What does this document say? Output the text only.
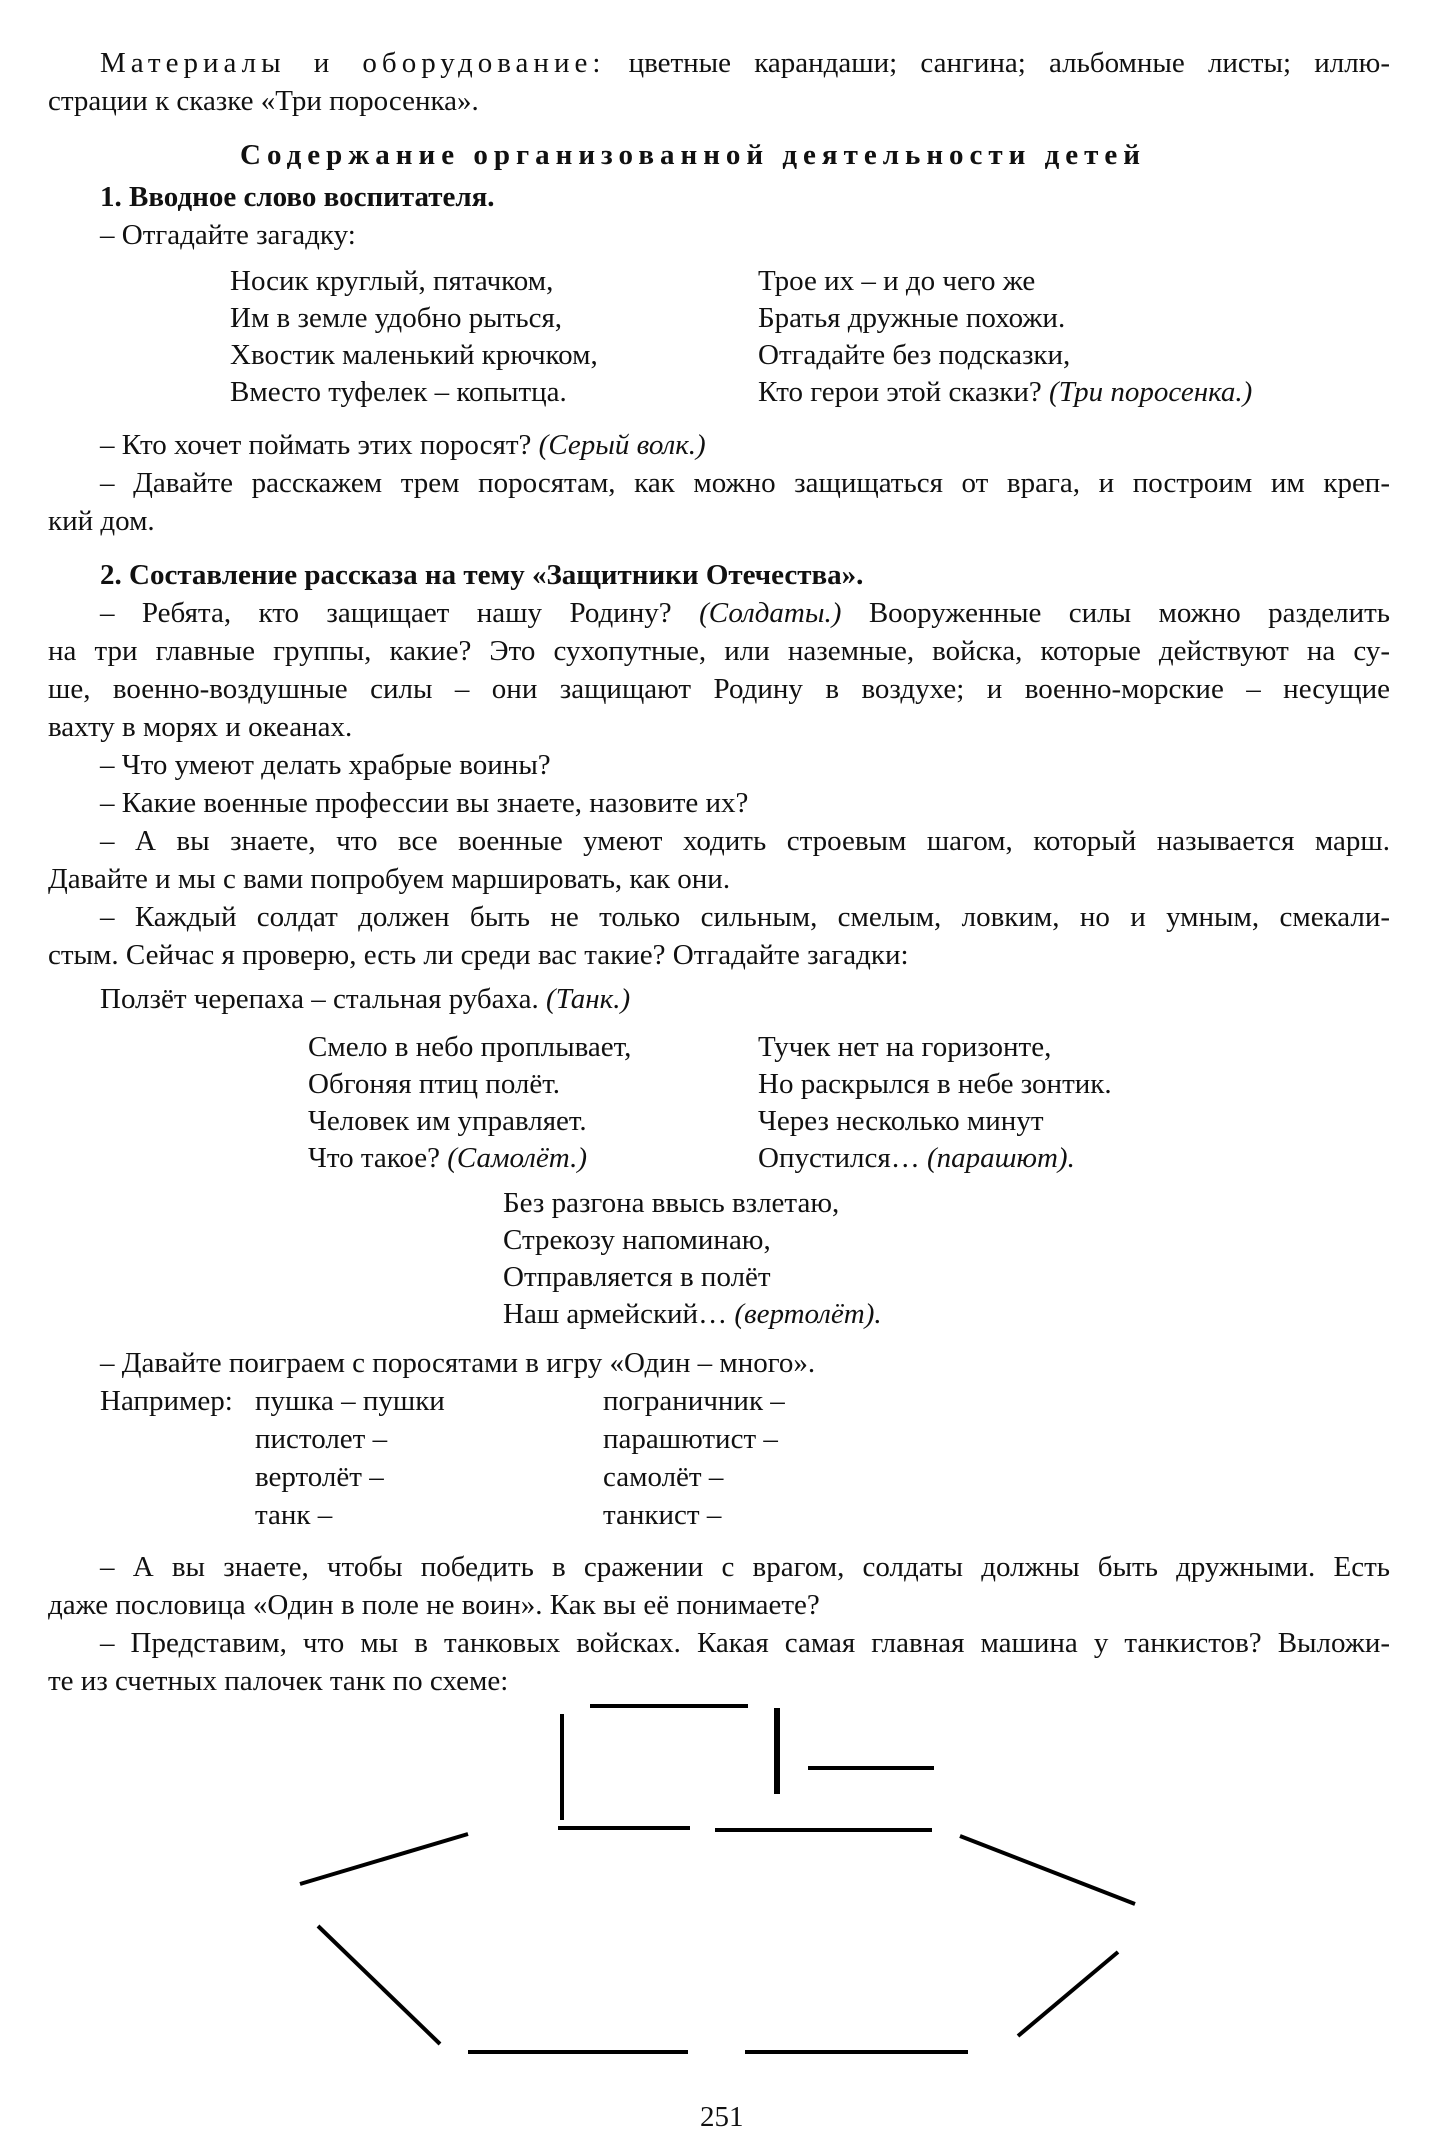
Материалы и оборудование: цветные карандаши; сангина; альбомные листы; иллю-
страции к сказке «Три поросенка».
Содержание организованной деятельности детей
1. Вводное слово воспитателя.
– Отгадайте загадку:
Носик круглый, пятачком,
Им в земле удобно рыться,
Хвостик маленький крючком,
Вместо туфелек – копытца.
Трое их – и до чего же
Братья дружные похожи.
Отгадайте без подсказки,
Кто герои этой сказки? (Три поросенка.)
– Кто хочет поймать этих поросят? (Серый волк.)
– Давайте расскажем трем поросятам, как можно защищаться от врага, и построим им креп-
кий дом.
2. Составление рассказа на тему «Защитники Отечества».
– Ребята, кто защищает нашу Родину? (Солдаты.) Вооруженные силы можно разделить
на три главные группы, какие? Это сухопутные, или наземные, войска, которые действуют на су-
ше, военно-воздушные силы – они защищают Родину в воздухе; и военно-морские – несущие
вахту в морях и океанах.
– Что умеют делать храбрые воины?
– Какие военные профессии вы знаете, назовите их?
– А вы знаете, что все военные умеют ходить строевым шагом, который называется марш.
Давайте и мы с вами попробуем маршировать, как они.
– Каждый солдат должен быть не только сильным, смелым, ловким, но и умным, смекали-
стым. Сейчас я проверю, есть ли среди вас такие? Отгадайте загадки:
Ползёт черепаха – стальная рубаха. (Танк.)
Смело в небо проплывает,
Обгоняя птиц полёт.
Человек им управляет.
Что такое? (Самолёт.)
Тучек нет на горизонте,
Но раскрылся в небе зонтик.
Через несколько минут
Опустился… (парашют).
Без разгона ввысь взлетаю,
Стрекозу напоминаю,
Отправляется в полёт
Наш армейский… (вертолёт).
– Давайте поиграем с поросятами в игру «Один – много».
Например: пушка – пушки
пистолет –
вертолёт –
танк –
пограничник –
парашютист –
самолёт –
танкист –
– А вы знаете, чтобы победить в сражении с врагом, солдаты должны быть дружными. Есть
даже пословица «Один в поле не воин». Как вы её понимаете?
– Представим, что мы в танковых войсках. Какая самая главная машина у танкистов? Выложи-
те из счетных палочек танк по схеме:
251
